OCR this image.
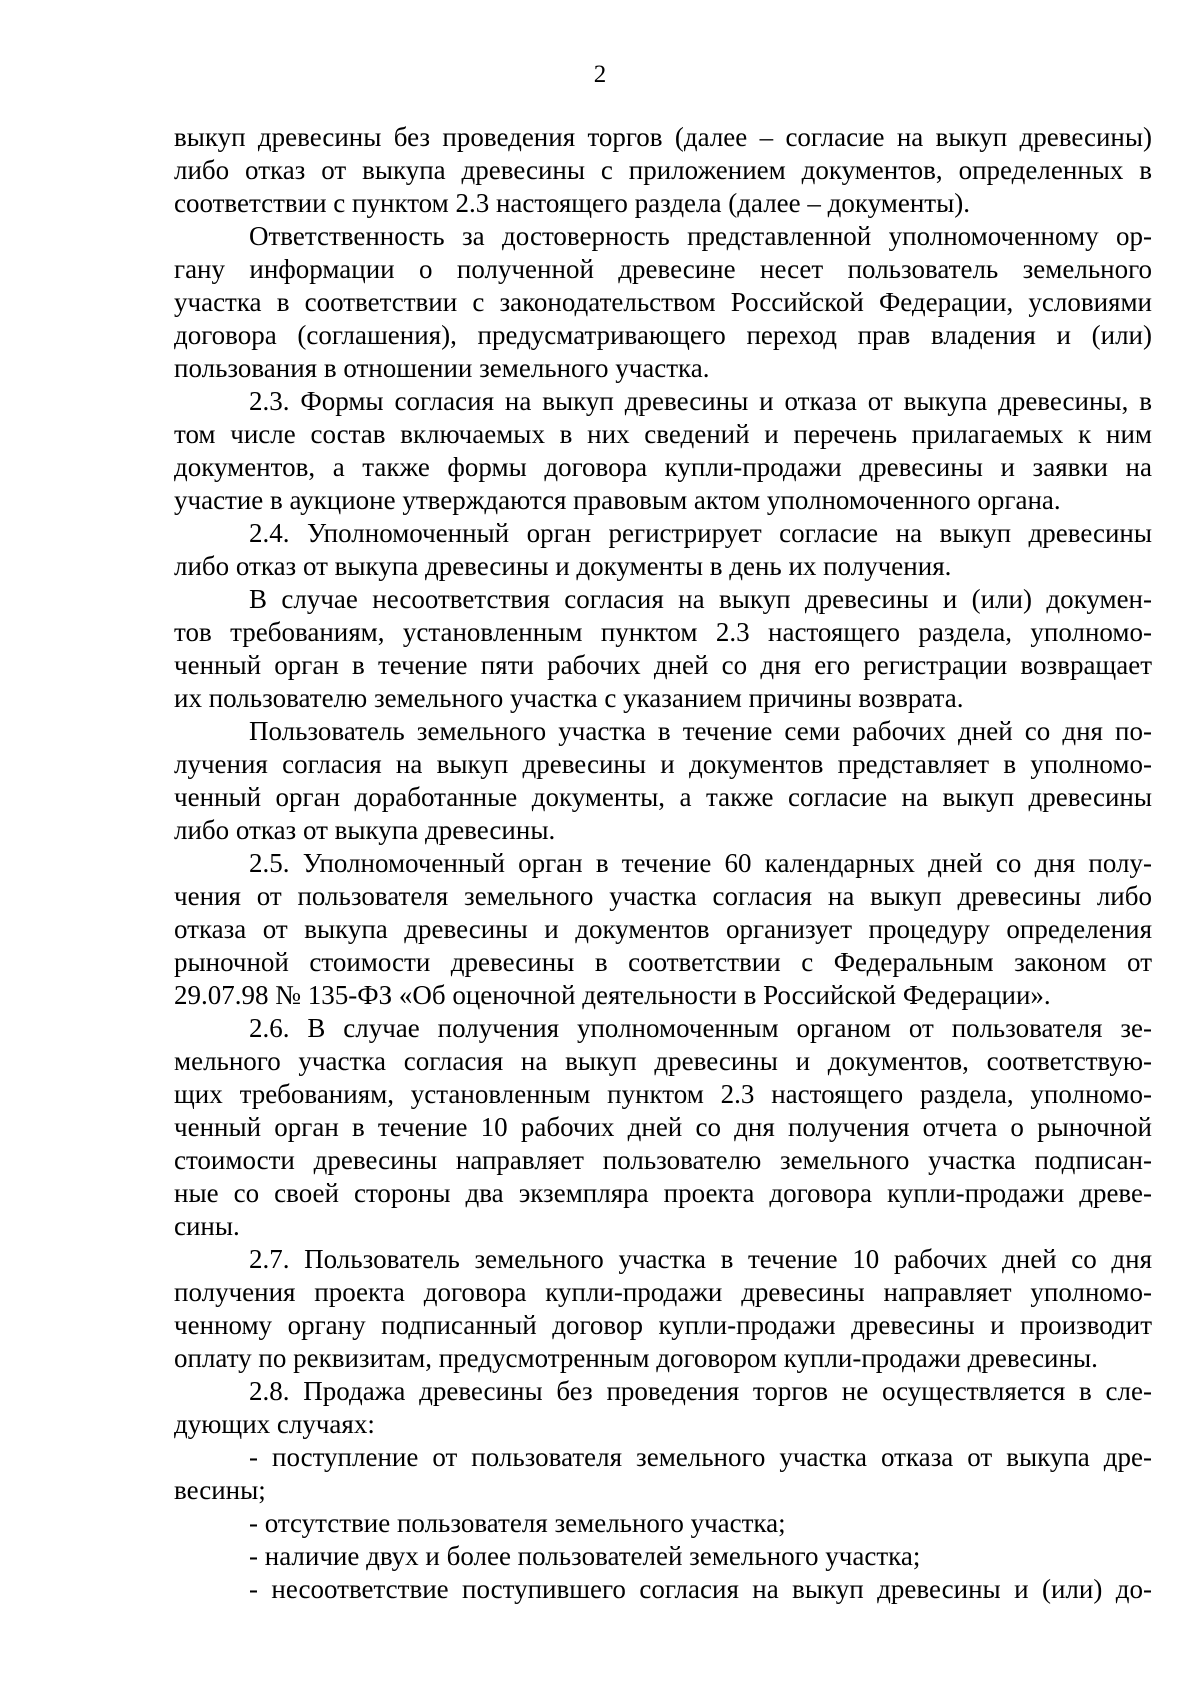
2
выкуп древесины без проведения торгов (далее – согласие на выкуп древесины)
либо отказ от выкупа древесины с приложением документов, определенных в
соответствии с пунктом 2.3 настоящего раздела (далее – документы).
Ответственность за достоверность представленной уполномоченному ор-
гану информации о полученной древесине несет пользователь земельного
участка в соответствии с законодательством Российской Федерации, условиями
договора (соглашения), предусматривающего переход прав владения и (или)
пользования в отношении земельного участка.
2.3. Формы согласия на выкуп древесины и отказа от выкупа древесины, в
том числе состав включаемых в них сведений и перечень прилагаемых к ним
документов, а также формы договора купли-продажи древесины и заявки на
участие в аукционе утверждаются правовым актом уполномоченного органа.
2.4. Уполномоченный орган регистрирует согласие на выкуп древесины
либо отказ от выкупа древесины и документы в день их получения.
В случае несоответствия согласия на выкуп древесины и (или) докумен-
тов требованиям, установленным пунктом 2.3 настоящего раздела, уполномо-
ченный орган в течение пяти рабочих дней со дня его регистрации возвращает
их пользователю земельного участка с указанием причины возврата.
Пользователь земельного участка в течение семи рабочих дней со дня по-
лучения согласия на выкуп древесины и документов представляет в уполномо-
ченный орган доработанные документы, а также согласие на выкуп древесины
либо отказ от выкупа древесины.
2.5. Уполномоченный орган в течение 60 календарных дней со дня полу-
чения от пользователя земельного участка согласия на выкуп древесины либо
отказа от выкупа древесины и документов организует процедуру определения
рыночной стоимости древесины в соответствии с Федеральным законом от
29.07.98 № 135-ФЗ «Об оценочной деятельности в Российской Федерации».
2.6. В случае получения уполномоченным органом от пользователя зе-
мельного участка согласия на выкуп древесины и документов, соответствую-
щих требованиям, установленным пунктом 2.3 настоящего раздела, уполномо-
ченный орган в течение 10 рабочих дней со дня получения отчета о рыночной
стоимости древесины направляет пользователю земельного участка подписан-
ные со своей стороны два экземпляра проекта договора купли-продажи древе-
сины.
2.7. Пользователь земельного участка в течение 10 рабочих дней со дня
получения проекта договора купли-продажи древесины направляет уполномо-
ченному органу подписанный договор купли-продажи древесины и производит
оплату по реквизитам, предусмотренным договором купли-продажи древесины.
2.8. Продажа древесины без проведения торгов не осуществляется в сле-
дующих случаях:
- поступление от пользователя земельного участка отказа от выкупа дре-
весины;
- отсутствие пользователя земельного участка;
- наличие двух и более пользователей земельного участка;
- несоответствие поступившего согласия на выкуп древесины и (или) до-
